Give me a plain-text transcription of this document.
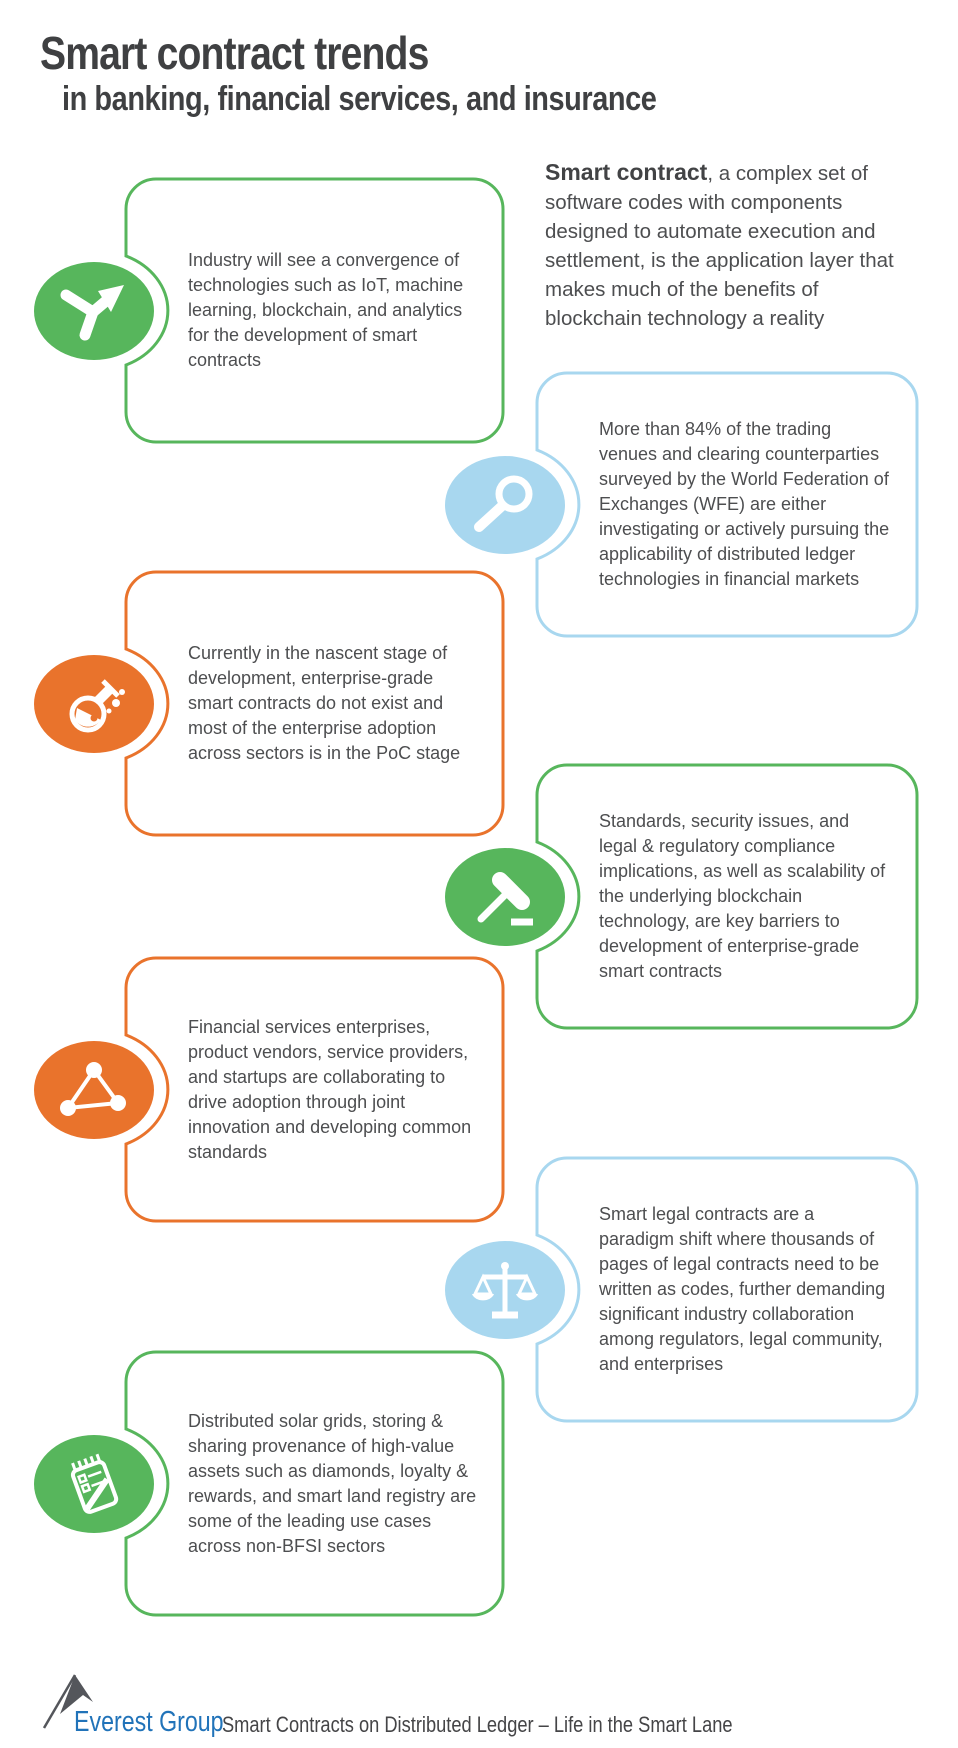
Smart contract trends
in banking, financial services, and insurance
Smart contract, a complex set of software codes with components designed to automate execution and settlement, is the application layer that makes much of the benefits of blockchain technology a reality
Industry will see a convergence of technologies such as IoT, machine learning, blockchain, and analytics for the development of smart contracts
More than 84% of the trading venues and clearing counterparties surveyed by the World Federation of Exchanges (WFE) are either investigating or actively pursuing the applicability of distributed ledger technologies in financial markets
Currently in the nascent stage of development, enterprise-grade smart contracts do not exist and most of the enterprise adoption across sectors is in the PoC stage
Standards, security issues, and legal & regulatory compliance implications, as well as scalability of the underlying blockchain technology, are key barriers to development of enterprise-grade smart contracts
Financial services enterprises, product vendors, service providers, and startups are collaborating to drive adoption through joint innovation and developing common standards
Smart legal contracts are a paradigm shift where thousands of pages of legal contracts need to be written as codes, further demanding significant industry collaboration among regulators, legal community, and enterprises
Distributed solar grids, storing & sharing provenance of high-value assets such as diamonds, loyalty & rewards, and smart land registry are some of the leading use cases across non-BFSI sectors
Everest Group
Smart Contracts on Distributed Ledger – Life in the Smart Lane
